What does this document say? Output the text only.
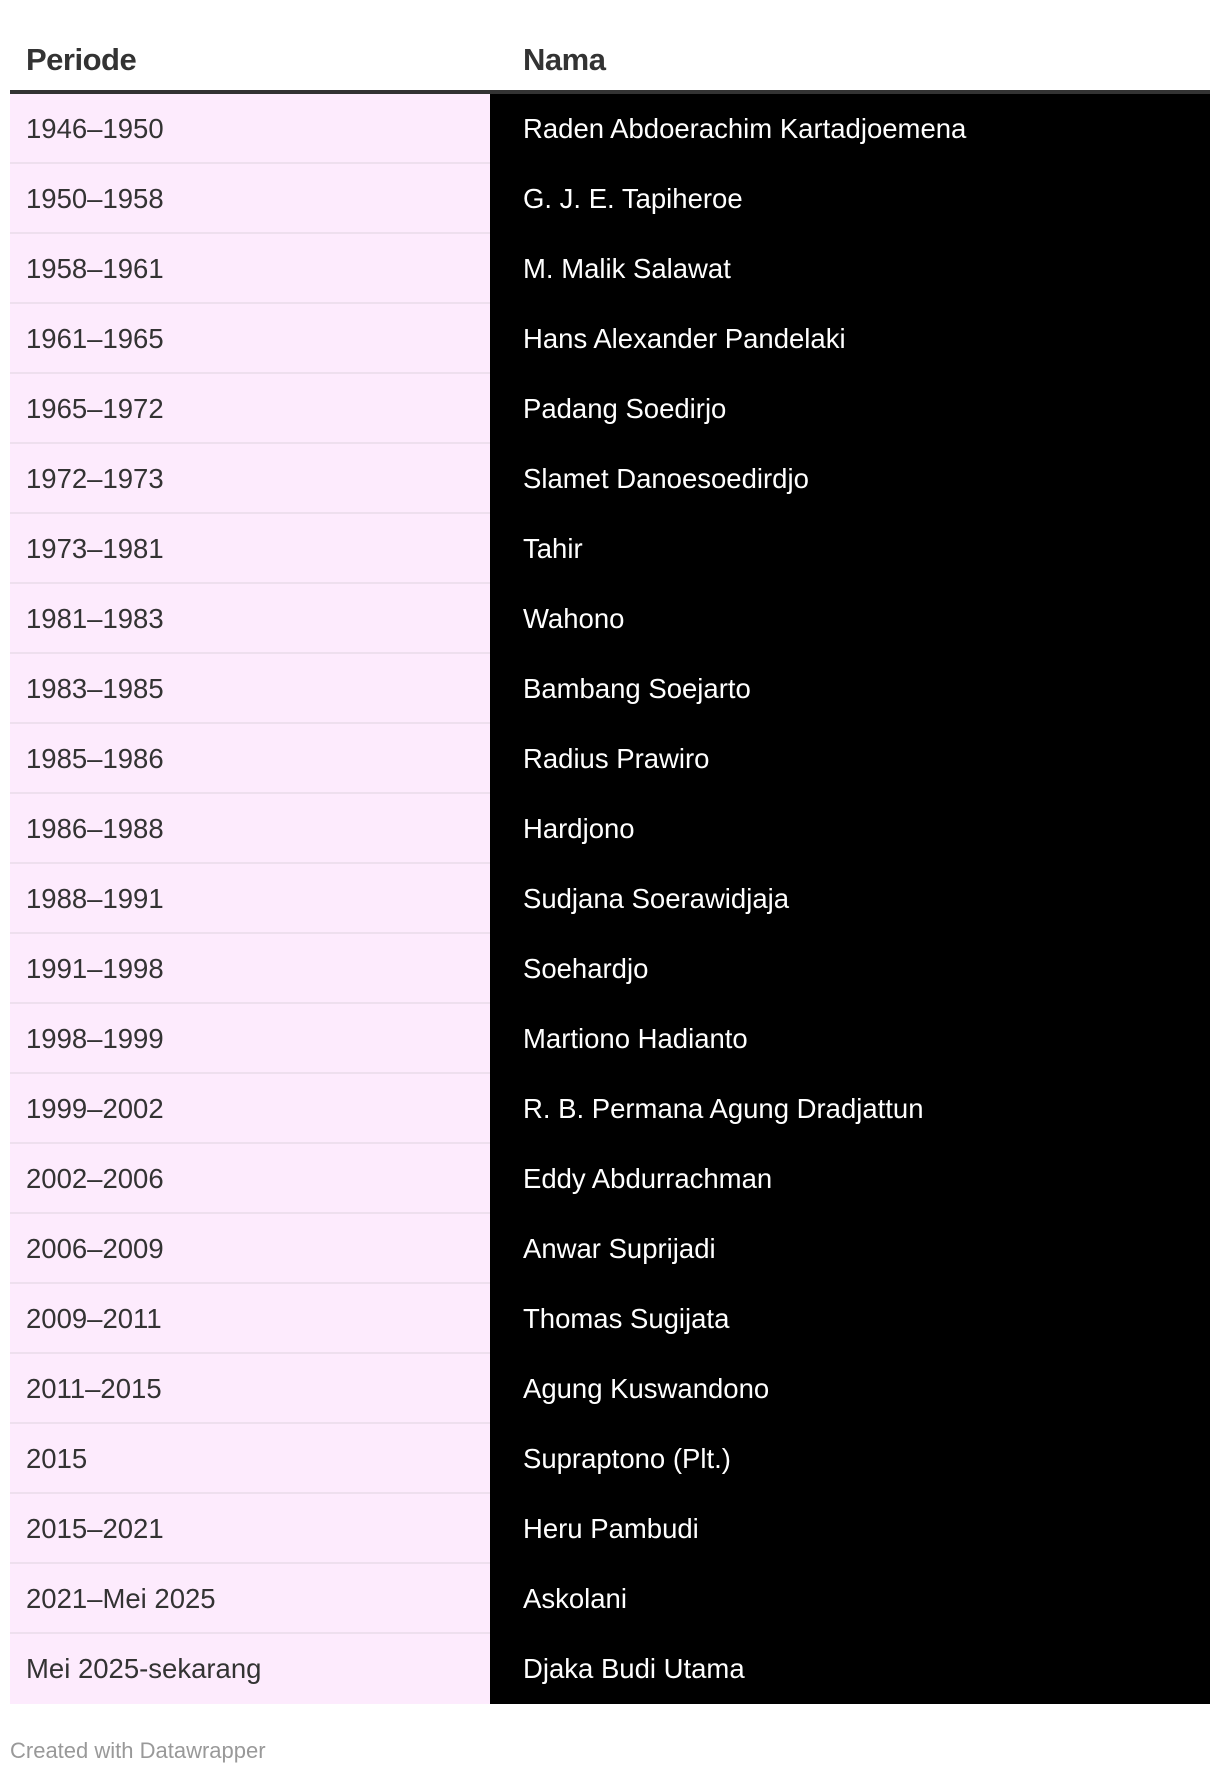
Periode	Nama
1946–1950	Raden Abdoerachim Kartadjoemena
1950–1958	G. J. E. Tapiheroe
1958–1961	M. Malik Salawat
1961–1965	Hans Alexander Pandelaki
1965–1972	Padang Soedirjo
1972–1973	Slamet Danoesoedirdjo
1973–1981	Tahir
1981–1983	Wahono
1983–1985	Bambang Soejarto
1985–1986	Radius Prawiro
1986–1988	Hardjono
1988–1991	Sudjana Soerawidjaja
1991–1998	Soehardjo
1998–1999	Martiono Hadianto
1999–2002	R. B. Permana Agung Dradjattun
2002–2006	Eddy Abdurrachman
2006–2009	Anwar Suprijadi
2009–2011	Thomas Sugijata
2011–2015	Agung Kuswandono
2015	Supraptono (Plt.)
2015–2021	Heru Pambudi
2021–Mei 2025	Askolani
Mei 2025-sekarang	Djaka Budi Utama
Created with Datawrapper
